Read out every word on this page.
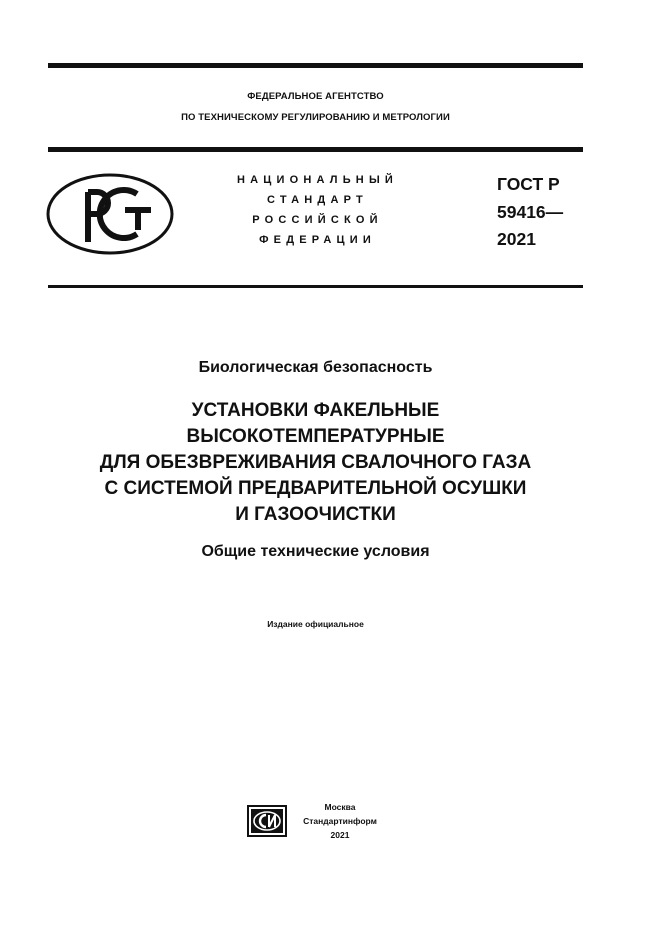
ФЕДЕРАЛЬНОЕ АГЕНТСТВО
ПО ТЕХНИЧЕСКОМУ РЕГУЛИРОВАНИЮ И МЕТРОЛОГИИ
НАЦИОНАЛЬНЫЙ
СТАНДАРТ
РОССИЙСКОЙ
ФЕДЕРАЦИИ
ГОСТ Р
59416—
2021
Биологическая безопасность
УСТАНОВКИ ФАКЕЛЬНЫЕ
ВЫСОКОТЕМПЕРАТУРНЫЕ
ДЛЯ ОБЕЗВРЕЖИВАНИЯ СВАЛОЧНОГО ГАЗА
С СИСТЕМОЙ ПРЕДВАРИТЕЛЬНОЙ ОСУШКИ
И ГАЗООЧИСТКИ
Общие технические условия
Издание официальное
Москва
Стандартинформ
2021
